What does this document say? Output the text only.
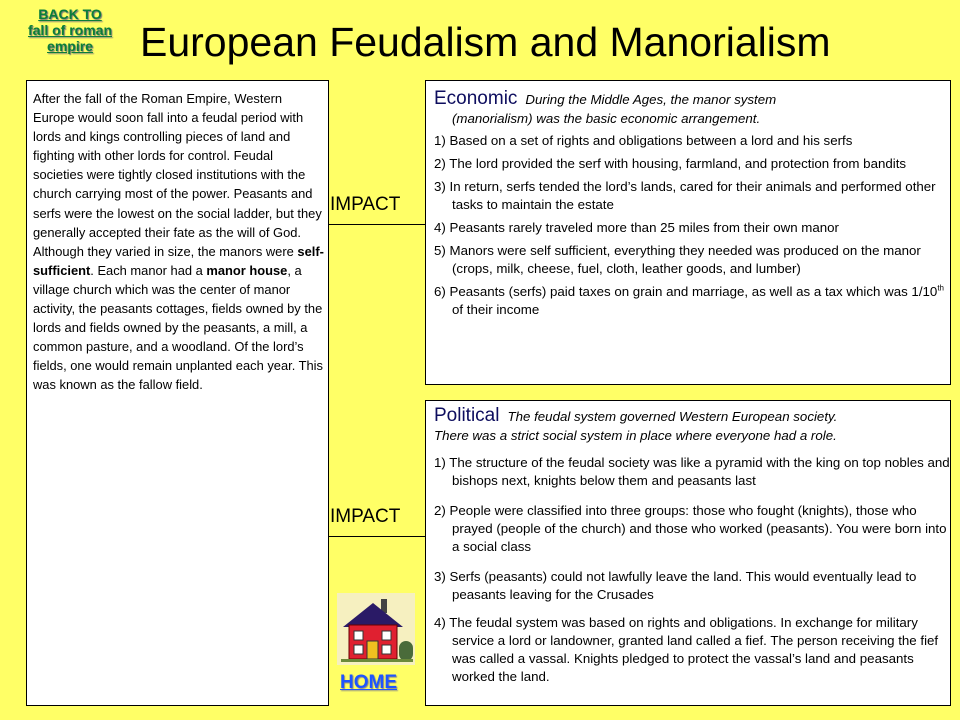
BACK TO
fall of roman
empire	European Feudalism and Manorialism
After the fall of the Roman Empire, Western Europe would soon fall into a feudal period with lords and kings controlling pieces of land and fighting with other lords for control. Feudal societies were tightly closed institutions with the church carrying most of the power. Peasants and serfs were the lowest on the social ladder, but they generally accepted their fate as the will of God. Although they varied in size, the manors were self-sufficient. Each manor had a manor house, a village church which was the center of manor activity, the peasants cottages, fields owned by the lords and fields owned by the peasants, a mill, a common pasture, and a woodland. Of the lord’s fields, one would remain unplanted each year. This was known as the fallow field.
IMPACT
IMPACT
Economic During the Middle Ages, the manor system
(manorialism) was the basic economic arrangement.
1) Based on a set of rights and obligations between a lord and his serfs
2) The lord provided the serf with housing, farmland, and protection from bandits
3) In return, serfs tended the lord’s lands, cared for their animals and performed other tasks to maintain the estate
4) Peasants rarely traveled more than 25 miles from their own manor
5) Manors were self sufficient, everything they needed was produced on the manor (crops, milk, cheese, fuel, cloth, leather goods, and lumber)
6) Peasants (serfs) paid taxes on grain and marriage, as well as a tax which was 1/10th of their income
Political The feudal system governed Western European society.
There was a strict social system in place where everyone had a role.
1) The structure of the feudal society was like a pyramid with the king on top nobles and bishops next, knights below them and peasants last
2) People were classified into three groups: those who fought (knights), those who prayed (people of the church) and those who worked (peasants). You were born into a social class
3) Serfs (peasants) could not lawfully leave the land. This would eventually lead to peasants leaving for the Crusades
4) The feudal system was based on rights and obligations. In exchange for military service a lord or landowner, granted land called a fief. The person receiving the fief was called a vassal. Knights pledged to protect the vassal’s land and peasants worked the land.
HOME
